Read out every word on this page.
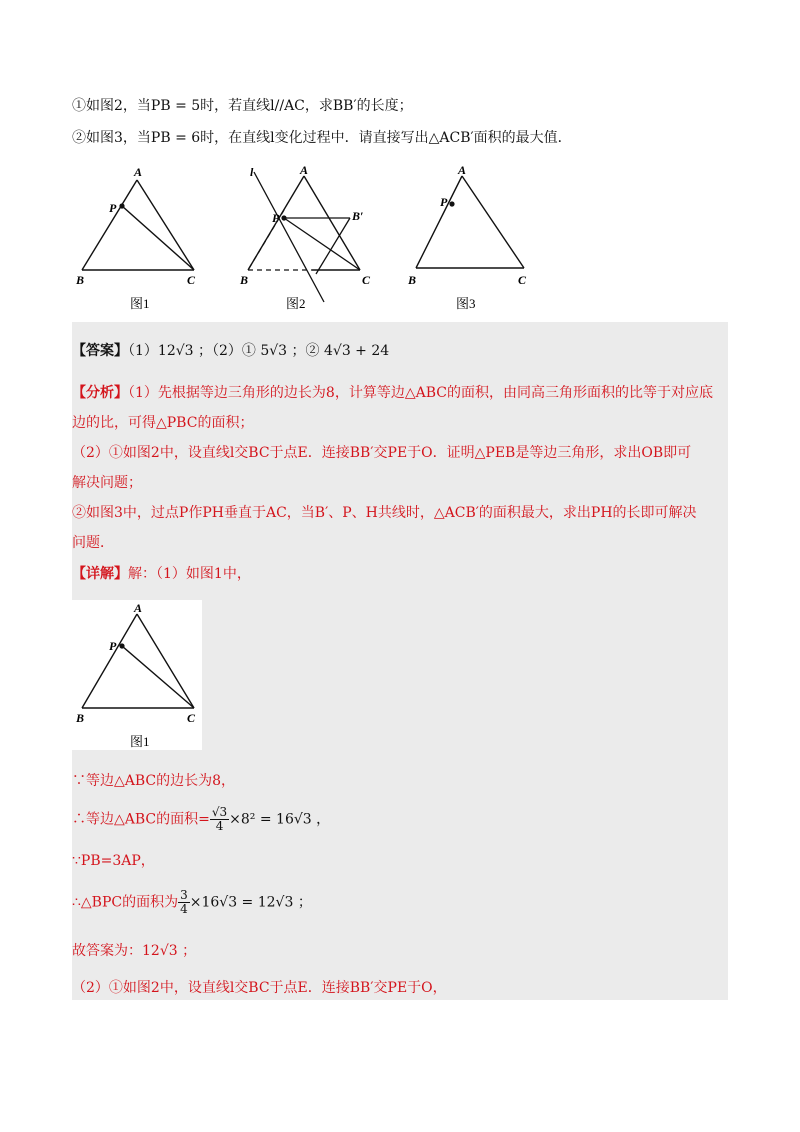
①如图2，当PB = 5时，若直线l//AC，求BB′的长度；
②如图3，当PB = 6时，在直线l变化过程中．请直接写出△ACB′面积的最大值．
A
P
B	C
图1
l	A
P	B′
B	C
图2
A
P
B	C
图3
【答案】（1）12√3 ；（2）① 5√3 ；② 4√3 + 24
【分析】（1）先根据等边三角形的边长为8，计算等边△ABC的面积，由同高三角形面积的比等于对应底
边的比，可得△PBC的面积；
（2）①如图2中，设直线l交BC于点E．连接BB′交PE于O．证明△PEB是等边三角形，求出OB即可
解决问题；
②如图3中，过点P作PH垂直于AC，当B′、P、H共线时，△ACB′的面积最大，求出PH的长即可解决
问题．
【详解】解：（1）如图1中，
A
P
B	C
图1
∵等边△ABC的边长为8，
∴等边△ABC的面积= $\frac{√3}{4} \times 8^2 = 16√3$ ，
∵PB=3AP，
∴△BPC的面积为 $\frac{3}{4} \times 16√3 = 12√3$ ；
故答案为：12√3 ；
（2）①如图2中，设直线l交BC于点E．连接BB′交PE于O，
